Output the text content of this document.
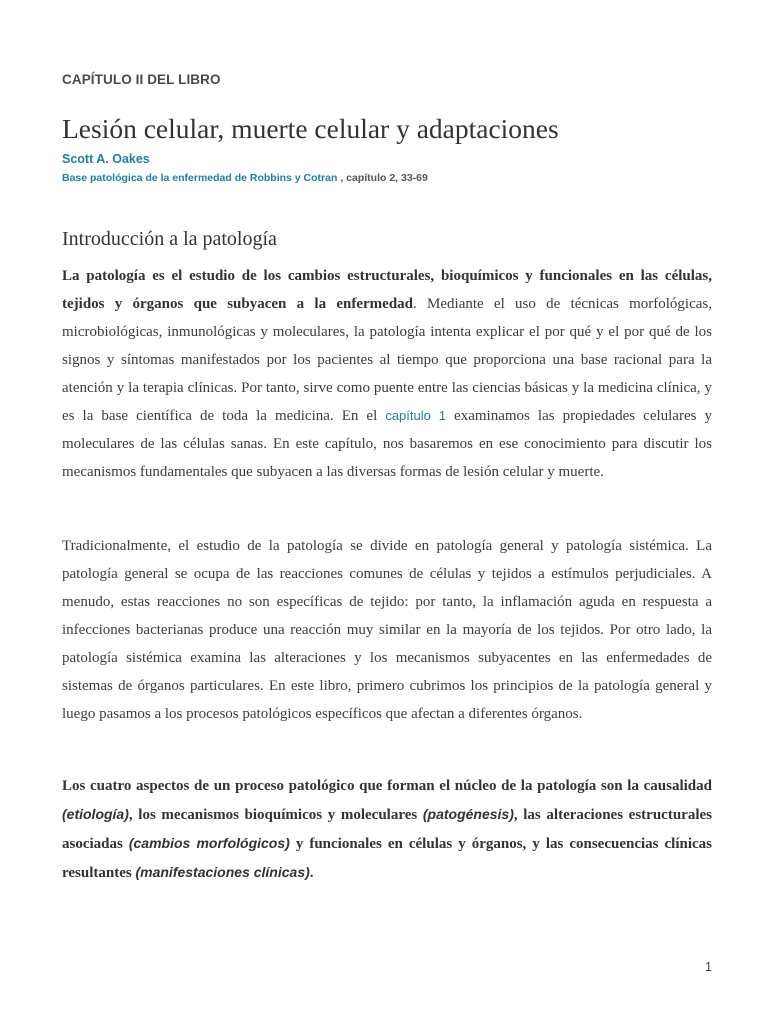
CAPÍTULO II DEL LIBRO
Lesión celular, muerte celular y adaptaciones
Scott A. Oakes
Base patológica de la enfermedad de Robbins y Cotran , capítulo 2, 33-69
Introducción a la patología

La patología es el estudio de los cambios estructurales, bioquímicos y funcionales en las células, tejidos y órganos que subyacen a la enfermedad. Mediante el uso de técnicas morfológicas, microbiológicas, inmunológicas y moleculares, la patología intenta explicar el por qué y el por qué de los signos y síntomas manifestados por los pacientes al tiempo que proporciona una base racional para la atención y la terapia clínicas. Por tanto, sirve como puente entre las ciencias básicas y la medicina clínica, y es la base científica de toda la medicina. En el capítulo 1 examinamos las propiedades celulares y moleculares de las células sanas. En este capítulo, nos basaremos en ese conocimiento para discutir los mecanismos fundamentales que subyacen a las diversas formas de lesión celular y muerte.

Tradicionalmente, el estudio de la patología se divide en patología general y patología sistémica. La patología general se ocupa de las reacciones comunes de células y tejidos a estímulos perjudiciales. A menudo, estas reacciones no son específicas de tejido: por tanto, la inflamación aguda en respuesta a infecciones bacterianas produce una reacción muy similar en la mayoría de los tejidos. Por otro lado, la patología sistémica examina las alteraciones y los mecanismos subyacentes en las enfermedades de sistemas de órganos particulares. En este libro, primero cubrimos los principios de la patología general y luego pasamos a los procesos patológicos específicos que afectan a diferentes órganos.

Los cuatro aspectos de un proceso patológico que forman el núcleo de la patología son la causalidad (etiología), los mecanismos bioquímicos y moleculares (patogénesis), las alteraciones estructurales asociadas (cambios morfológicos) y funcionales en células y órganos, y las consecuencias clínicas resultantes (manifestaciones clínicas).

1
